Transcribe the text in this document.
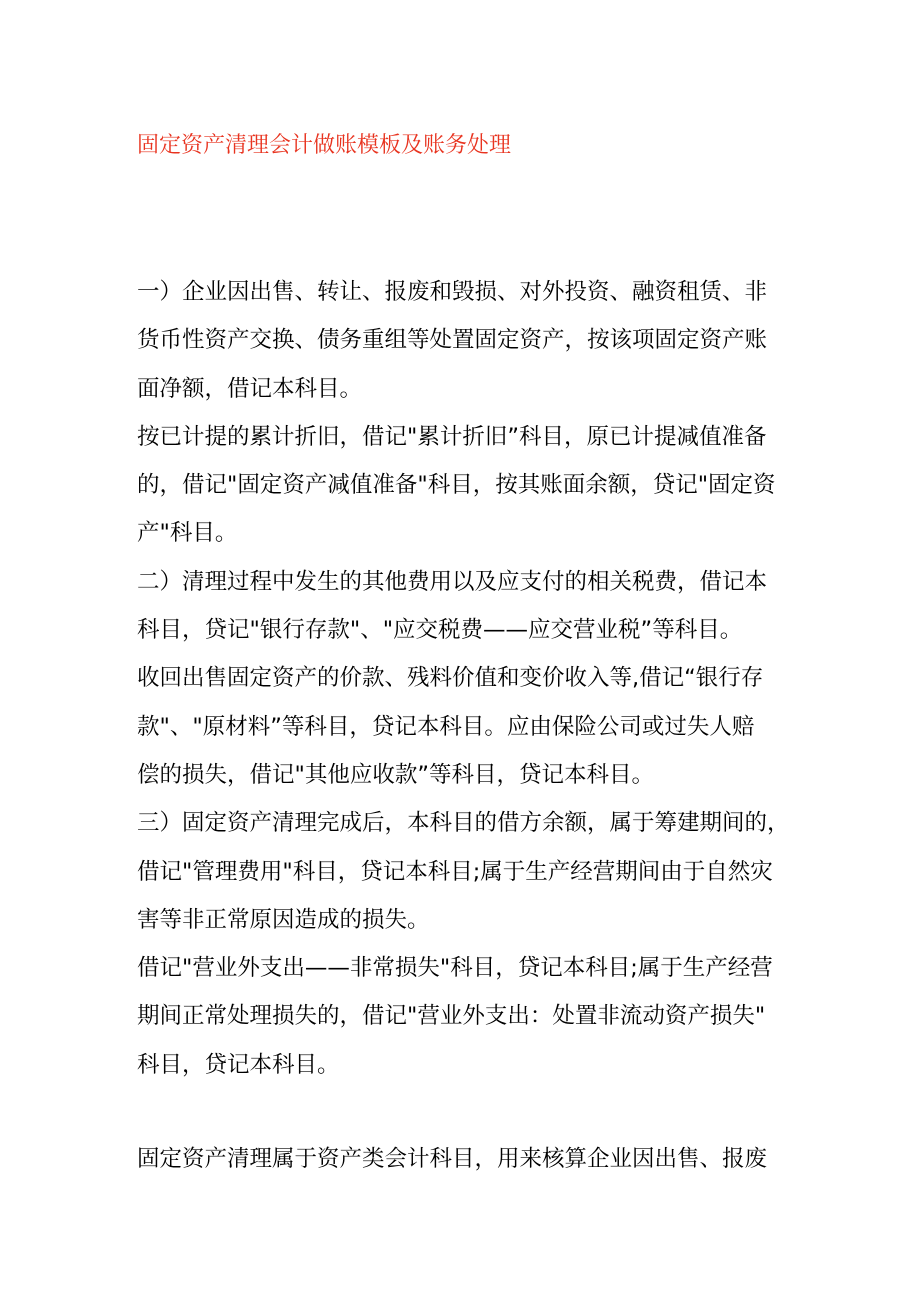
固定资产清理会计做账模板及账务处理
一）企业因出售、转让、报废和毁损、对外投资、融资租赁、非
货币性资产交换、债务重组等处置固定资产，按该项固定资产账
面净额，借记本科目。
按已计提的累计折旧，借记"累计折旧”科目，原已计提减值准备
的，借记"固定资产减值准备"科目，按其账面余额，贷记"固定资
产"科目。
二）清理过程中发生的其他费用以及应支付的相关税费，借记本
科目，贷记"银行存款"、"应交税费——应交营业税”等科目。
收回出售固定资产的价款、残料价值和变价收入等,借记“银行存
款"、"原材料”等科目，贷记本科目。应由保险公司或过失人赔
偿的损失，借记"其他应收款”等科目，贷记本科目。
三）固定资产清理完成后，本科目的借方余额，属于筹建期间的，
借记"管理费用"科目，贷记本科目;属于生产经营期间由于自然灾
害等非正常原因造成的损失。
借记"营业外支出——非常损失"科目，贷记本科目;属于生产经营
期间正常处理损失的，借记"营业外支出：处置非流动资产损失"
科目，贷记本科目。
固定资产清理属于资产类会计科目，用来核算企业因出售、报废
